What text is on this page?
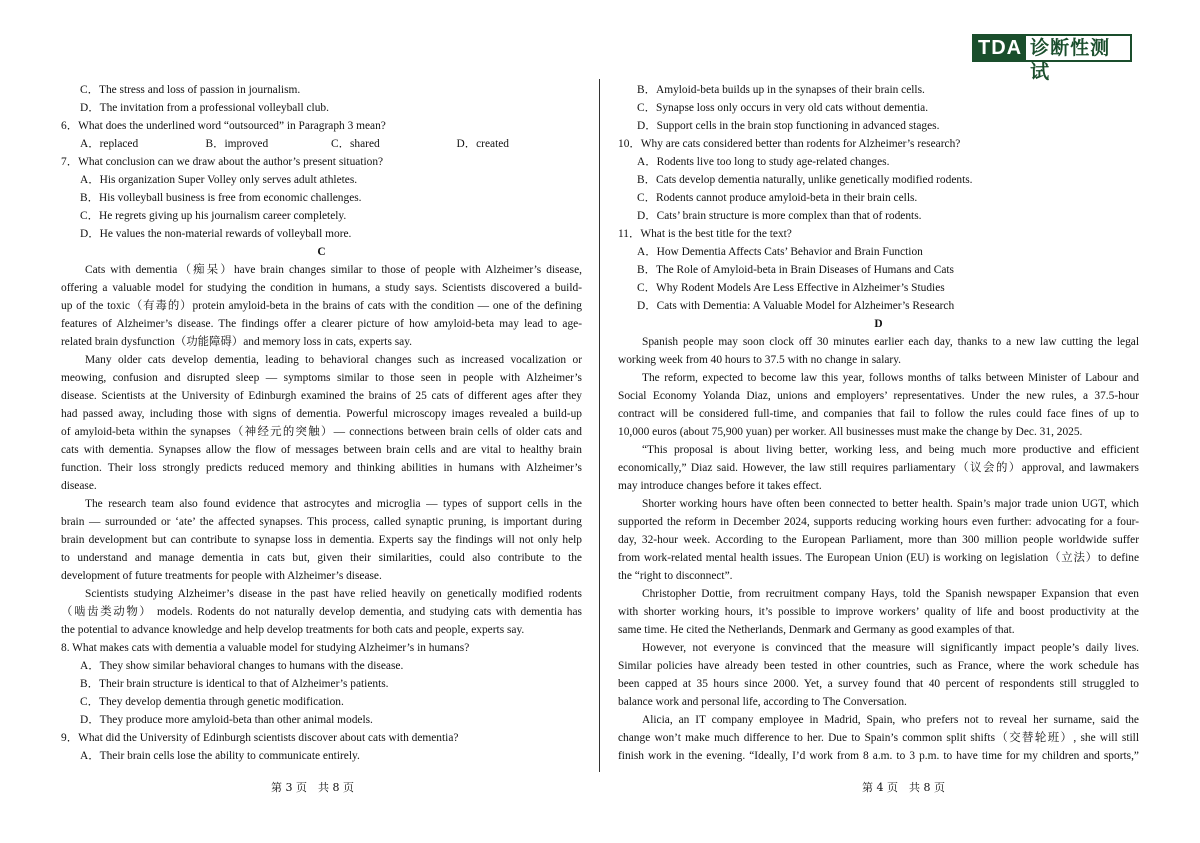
TDA 诊断性测试
C．The stress and loss of passion in journalism.
D．The invitation from a professional volleyball club.
6．What does the underlined word “outsourced” in Paragraph 3 mean?
A．replaced	B．improved	C．shared	D．created
7．What conclusion can we draw about the author’s present situation?
A．His organization Super Volley only serves adult athletes.
B．His volleyball business is free from economic challenges.
C．He regrets giving up his journalism career completely.
D．He values the non-material rewards of volleyball more.
C
Cats with dementia（痴呆）have brain changes similar to those of people with Alzheimer’s disease,
offering a valuable model for studying the condition in humans, a study says. Scientists discovered a build-
up of the toxic（有毒的）protein amyloid-beta in the brains of cats with the condition — one of the defining
features of Alzheimer’s disease. The findings offer a clearer picture of how amyloid-beta may lead to age-
related brain dysfunction（功能障碍）and memory loss in cats, experts say.
Many older cats develop dementia, leading to behavioral changes such as increased vocalization or
meowing, confusion and disrupted sleep — symptoms similar to those seen in people with Alzheimer’s
disease. Scientists at the University of Edinburgh examined the brains of 25 cats of different ages after they
had passed away, including those with signs of dementia. Powerful microscopy images revealed a build-up
of amyloid-beta within the synapses（神经元的突触）— connections between brain cells of older cats and
cats with dementia. Synapses allow the flow of messages between brain cells and are vital to healthy brain
function. Their loss strongly predicts reduced memory and thinking abilities in humans with Alzheimer’s
disease.
The research team also found evidence that astrocytes and microglia — types of support cells in the
brain — surrounded or ‘ate’ the affected synapses. This process, called synaptic pruning, is important during
brain development but can contribute to synapse loss in dementia. Experts say the findings will not only help
to understand and manage dementia in cats but, given their similarities, could also contribute to the
development of future treatments for people with Alzheimer’s disease.
Scientists studying Alzheimer’s disease in the past have relied heavily on genetically modified rodents
（啮齿类动物） models. Rodents do not naturally develop dementia, and studying cats with dementia has
the potential to advance knowledge and help develop treatments for both cats and people, experts say.
8. What makes cats with dementia a valuable model for studying Alzheimer’s in humans?
A．They show similar behavioral changes to humans with the disease.
B．Their brain structure is identical to that of Alzheimer’s patients.
C．They develop dementia through genetic modification.
D．They produce more amyloid-beta than other animal models.
9．What did the University of Edinburgh scientists discover about cats with dementia?
A．Their brain cells lose the ability to communicate entirely.
B．Amyloid-beta builds up in the synapses of their brain cells.
C．Synapse loss only occurs in very old cats without dementia.
D．Support cells in the brain stop functioning in advanced stages.
10．Why are cats considered better than rodents for Alzheimer’s research?
A．Rodents live too long to study age-related changes.
B．Cats develop dementia naturally, unlike genetically modified rodents.
C．Rodents cannot produce amyloid-beta in their brain cells.
D．Cats’ brain structure is more complex than that of rodents.
11．What is the best title for the text?
A．How Dementia Affects Cats’ Behavior and Brain Function
B．The Role of Amyloid-beta in Brain Diseases of Humans and Cats
C．Why Rodent Models Are Less Effective in Alzheimer’s Studies
D．Cats with Dementia: A Valuable Model for Alzheimer’s Research
D
Spanish people may soon clock off 30 minutes earlier each day, thanks to a new law cutting the legal
working week from 40 hours to 37.5 with no change in salary.
The reform, expected to become law this year, follows months of talks between Minister of Labour and
Social Economy Yolanda Diaz, unions and employers’ representatives. Under the new rules, a 37.5-hour
contract will be considered full-time, and companies that fail to follow the rules could face fines of up to
10,000 euros (about 75,900 yuan) per worker. All businesses must make the change by Dec. 31, 2025.
“This proposal is about living better, working less, and being much more productive and efficient
economically,” Diaz said. However, the law still requires parliamentary（议会的）approval, and lawmakers
may introduce changes before it takes effect.
Shorter working hours have often been connected to better health. Spain’s major trade union UGT, which
supported the reform in December 2024, supports reducing working hours even further: advocating for a four-
day, 32-hour week. According to the European Parliament, more than 300 million people worldwide suffer
from work-related mental health issues. The European Union (EU) is working on legislation（立法）to define
the “right to disconnect”.
Christopher Dottie, from recruitment company Hays, told the Spanish newspaper Expansion that even
with shorter working hours, it’s possible to improve workers’ quality of life and boost productivity at the
same time. He cited the Netherlands, Denmark and Germany as good examples of that.
However, not everyone is convinced that the measure will significantly impact people’s daily lives.
Similar policies have already been tested in other countries, such as France, where the work schedule has
been capped at 35 hours since 2000. Yet, a survey found that 40 percent of respondents still struggled to
balance work and personal life, according to The Conversation.
Alicia, an IT company employee in Madrid, Spain, who prefers not to reveal her surname, said the
change won’t make much difference to her. Due to Spain’s common split shifts（交替轮班）, she will still
finish work in the evening. “Ideally, I’d work from 8 a.m. to 3 p.m. to have time for my children and sports,”
第 3 页　共 8 页	第 4 页　共 8 页
